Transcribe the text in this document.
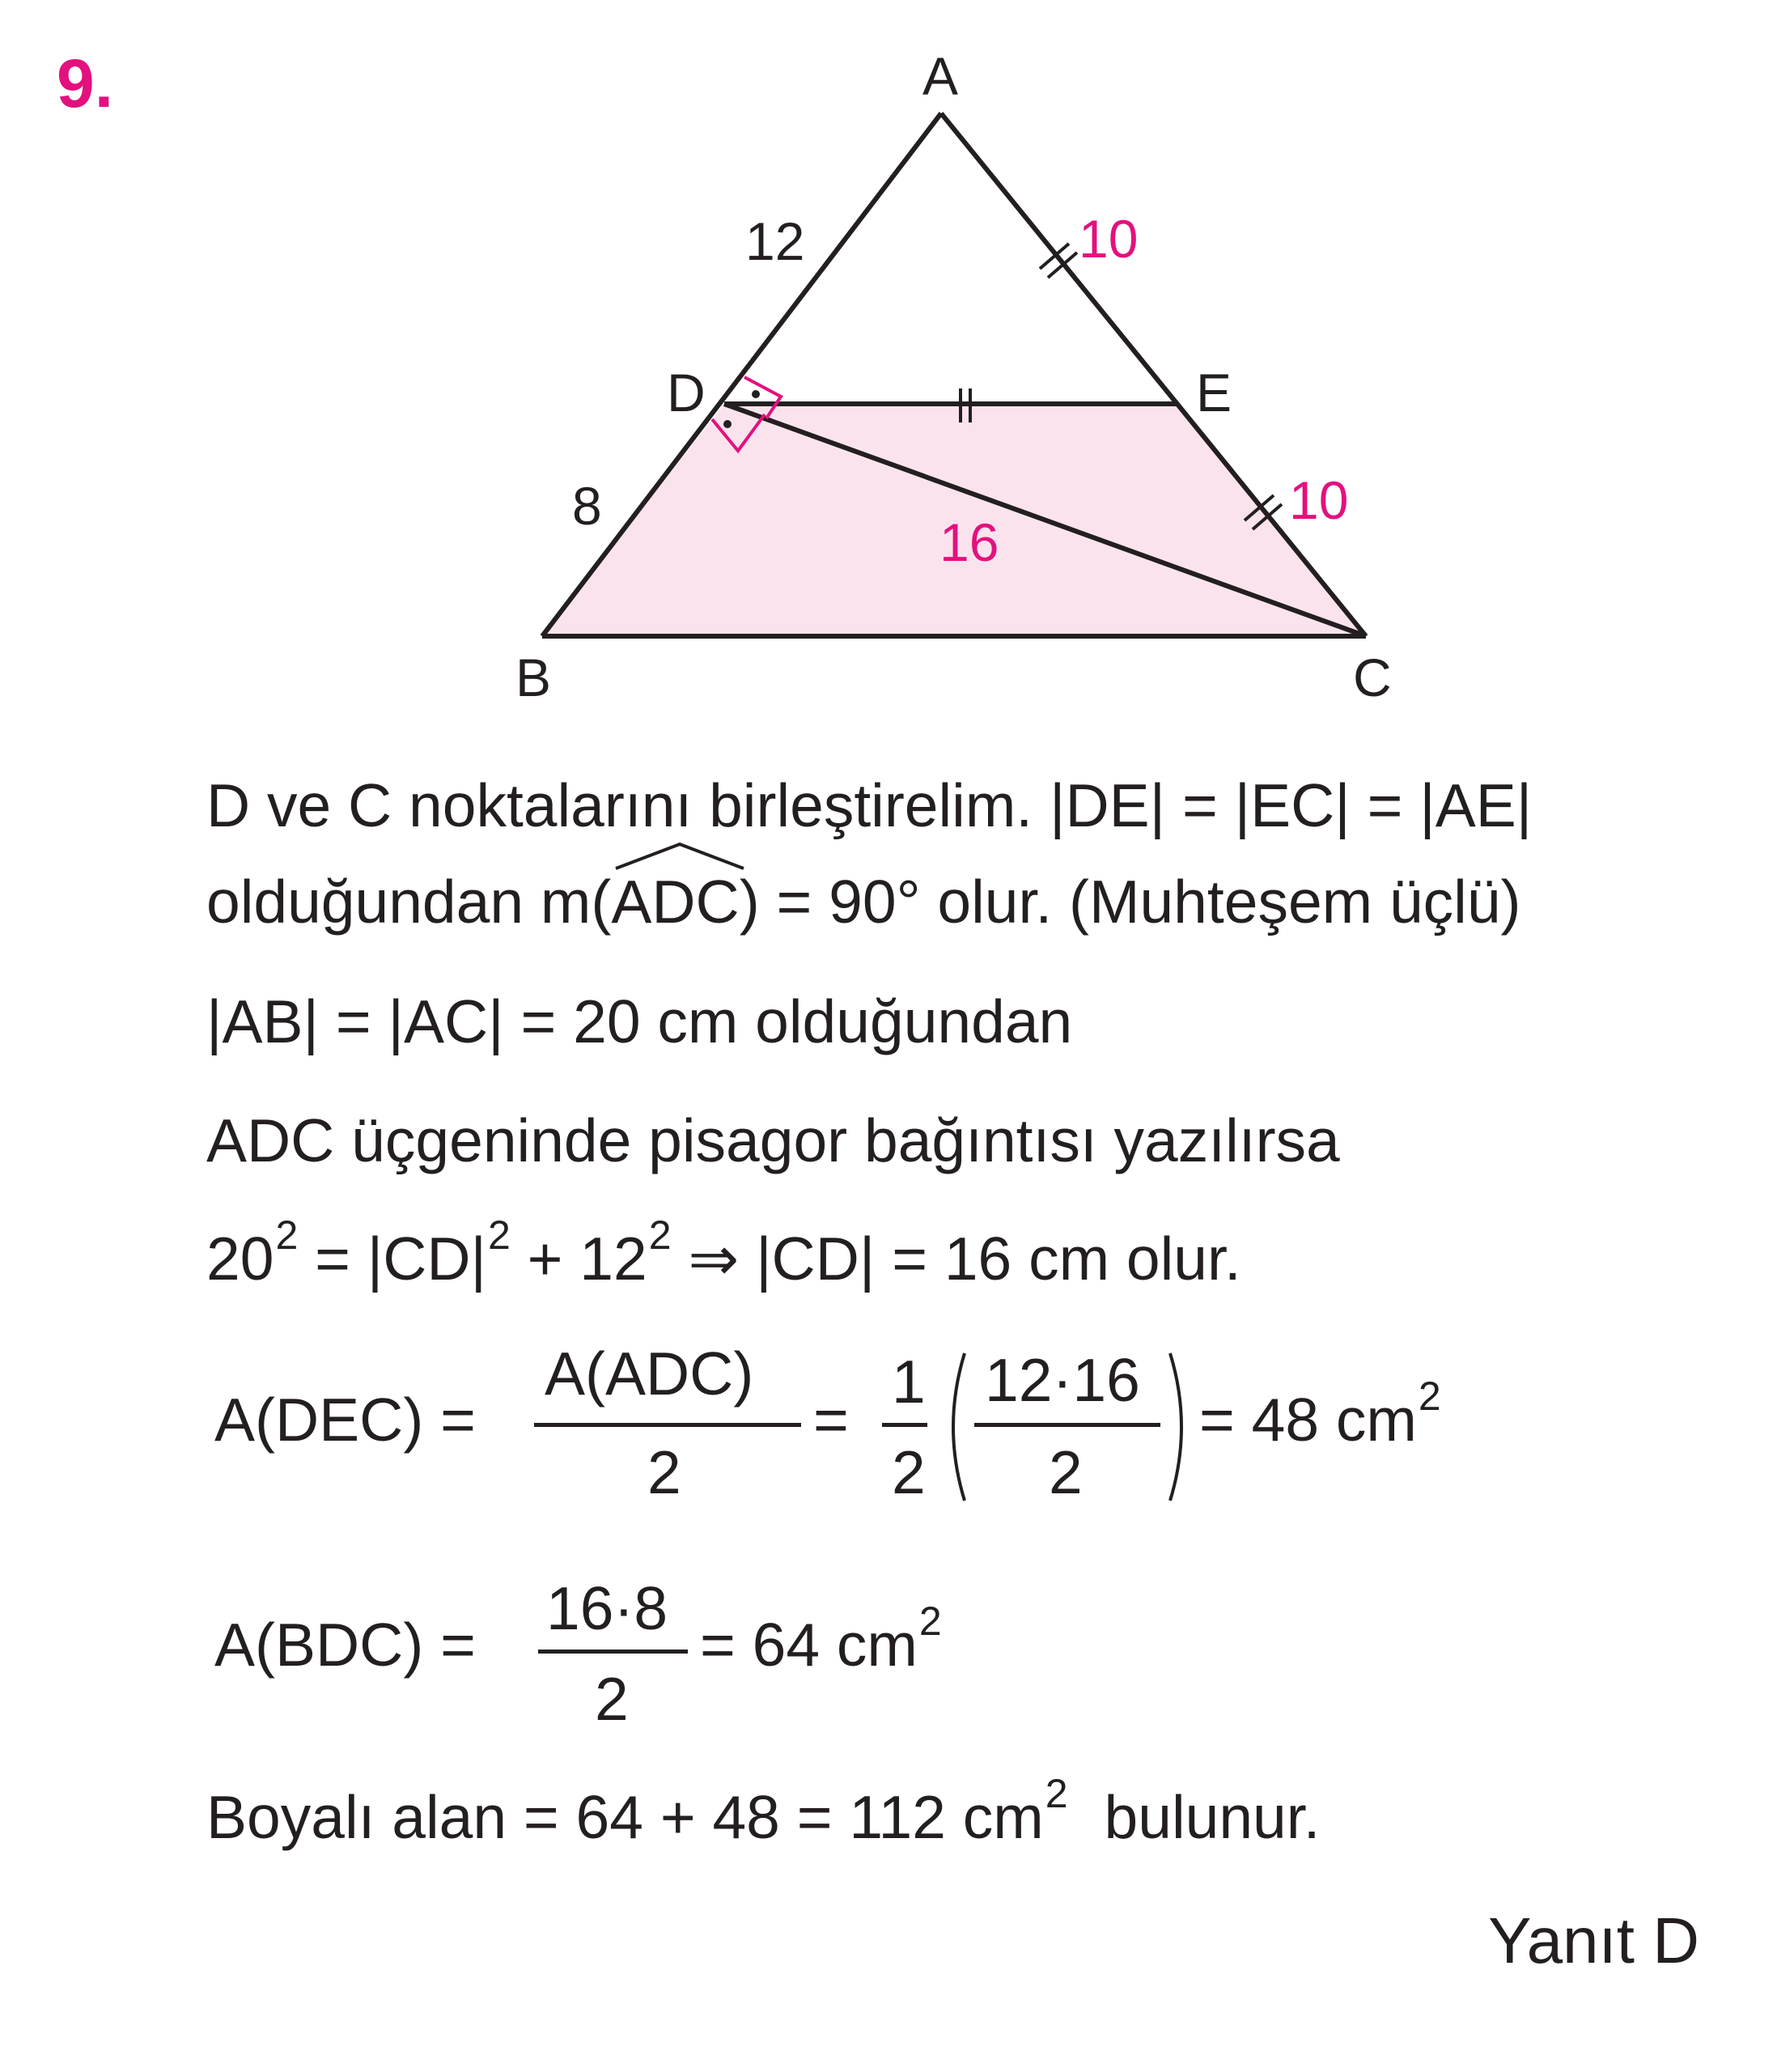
9.	A
B	C
D	E
12
8
10
10
16
D ve C noktalarını birleştirelim. |DE| = |EC| = |AE|
olduğundan m(
ADC) = 90° olur. (Muhteşem üçlü)
|AB| = |AC| = 20 cm olduğundan
ADC üçgeninde pisagor bağıntısı yazılırsa
$20^2 = |CD|^2 + 12^2$ ⇒ |CD| = 16 cm olur.
A(DEC) =
A(ADC)
2
=
1
2
12·16
2
= 48 $cm^2$
A(BDC) =
16·8
2
= 64 $cm^2$
Boyalı alan = 64 + 48 = 112 $cm^2$ bulunur.
Yanıt D
